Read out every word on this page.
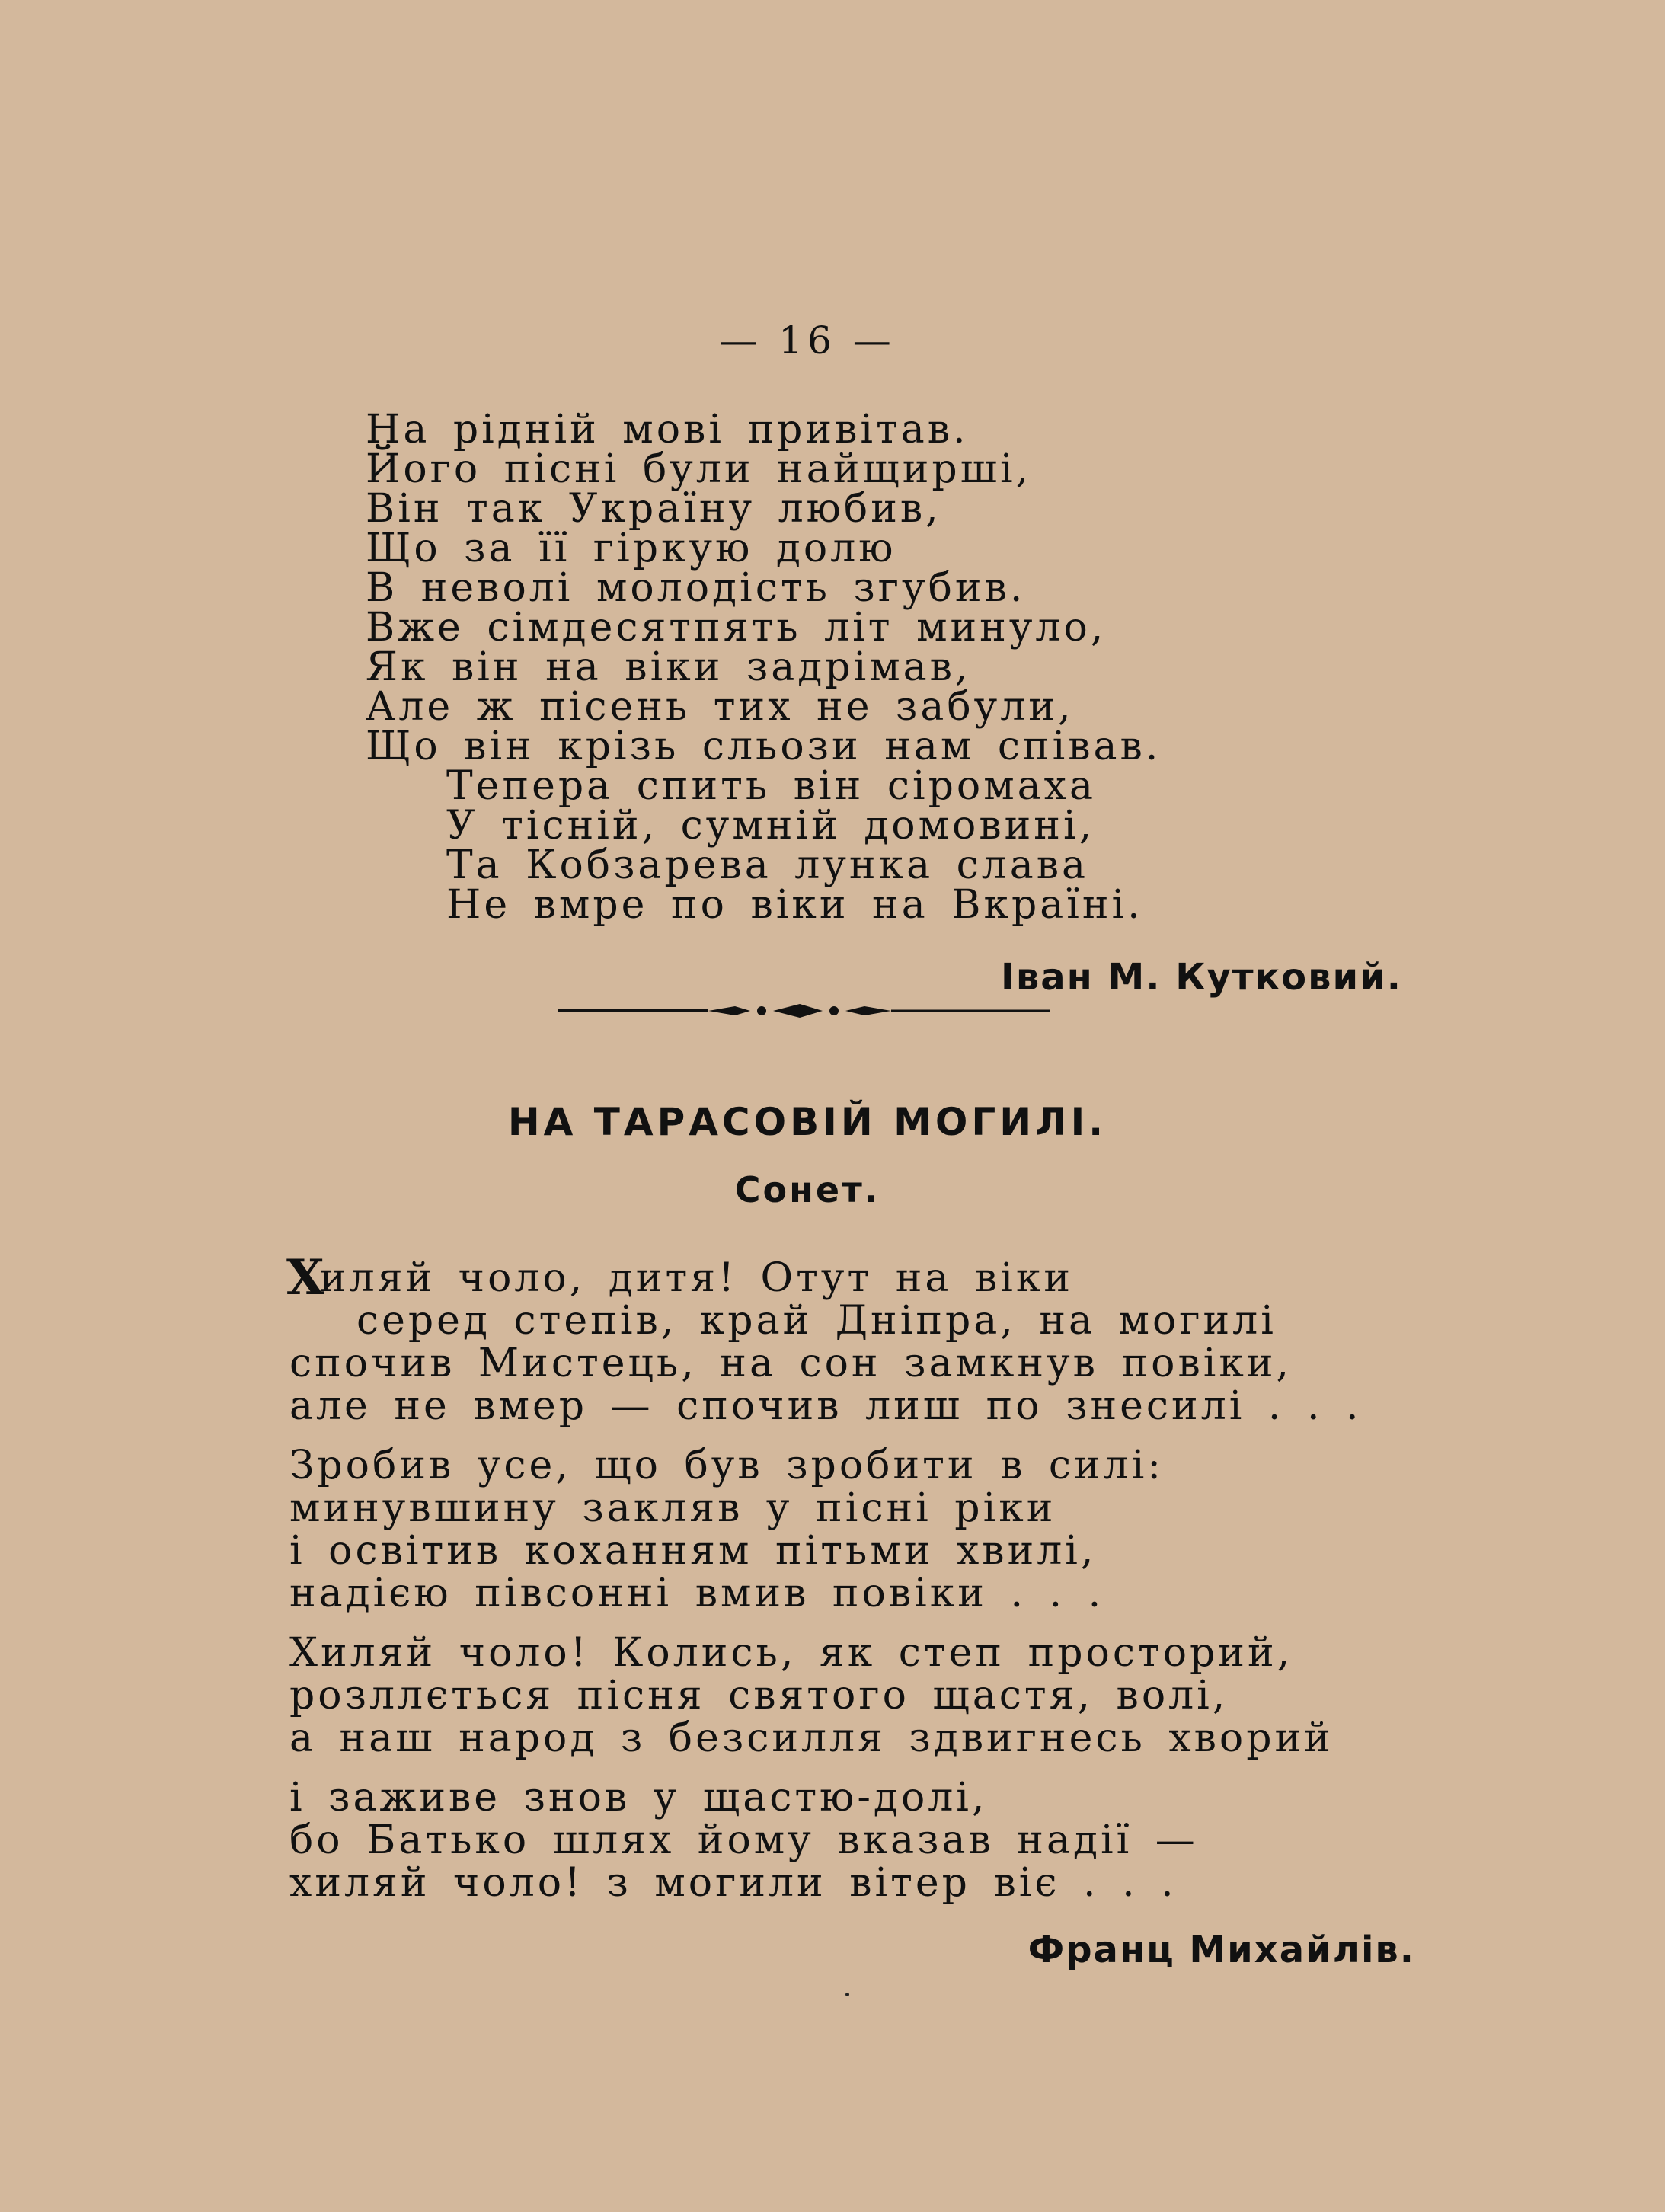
— 16 —
На рідній мові привітав.
Його пісні були найщирші,
Він так Україну любив,
Що за її гіркую долю
В неволі молодість згубив.
Вже сімдесятпять літ минуло,
Як він на віки задрімав,
Але ж пісень тих не забули,
Що він крізь сльози нам співав.
Тепера спить він сіромаха
У тісній, сумній домовині,
Та Кобзарева лунка слава
Не вмре по віки на Вкраїні.
Іван М. Кутковий.
НА ТАРАСОВІЙ МОГИЛІ.
Сонет.
Хиляй чоло, дитя! Отут на віки
серед степів, край Дніпра, на могилі
спочив Мистець, на сон замкнув повіки,
але не вмер — спочив лиш по знесилі . . .
Зробив усе, що був зробити в силі:
минувшину закляв у пісні ріки
і освітив коханням пітьми хвилі,
надією півсонні вмив повіки . . .
Хиляй чоло! Колись, як степ просторий,
розллється пісня святого щастя, волі,
а наш народ з безсилля здвигнесь хворий
і заживе знов у щастю-долі,
бо Батько шлях йому вказав надії —
хиляй чоло! з могили вітер віє . . .
Франц Михайлів.
